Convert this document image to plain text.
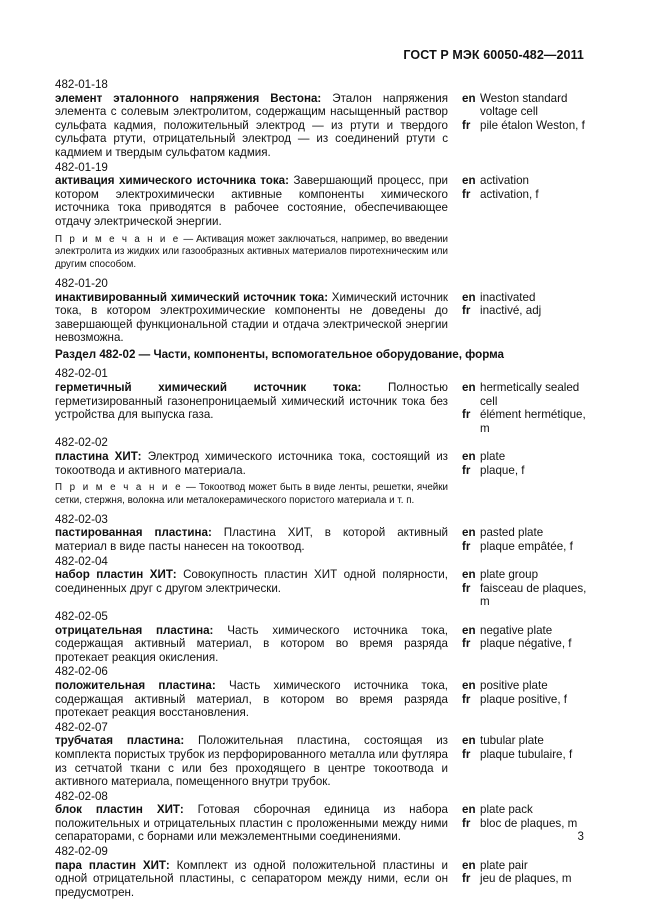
ГОСТ Р МЭК 60050-482—2011
482-01-18
элемент эталонного напряжения Вестона: Эталон напряжения элемента с солевым электролитом, содержащим насыщенный раствор сульфата кадмия, положительный электрод — из ртути и твердого сульфата ртути, отрицательный электрод — из соединений ртути с кадмием и твердым сульфатом кадмия.
en Weston standard voltage cell
fr pile étalon Weston, f
482-01-19
активация химического источника тока: Завершающий процесс, при котором электрохимически активные компоненты химического источника тока приводятся в рабочее состояние, обеспечивающее отдачу электрической энергии.
П р и м е ч а н и е — Активация может заключаться, например, во введении электролита из жидких или газообразных активных материалов пиротехническим или другим способом.
en activation
fr activation, f
482-01-20
инактивированный химический источник тока: Химический источник тока, в котором электрохимические компоненты не доведены до завершающей функциональной стадии и отдача электрической энергии невозможна.
en inactivated
fr inactivé, adj
Раздел 482-02 — Части, компоненты, вспомогательное оборудование, форма
482-02-01
герметичный химический источник тока: Полностью герметизированный газонепроницаемый химический источник тока без устройства для выпуска газа.
en hermetically sealed cell
fr élément hermétique, m
482-02-02
пластина ХИТ: Электрод химического источника тока, состоящий из токоотвода и активного материала.
П р и м е ч а н и е — Токоотвод может быть в виде ленты, решетки, ячейки сетки, стержня, волокна или металокерамического пористого материала и т. п.
en plate
fr plaque, f
482-02-03
пастированная пластина: Пластина ХИТ, в которой активный материал в виде пасты нанесен на токоотвод.
en pasted plate
fr plaque empâtée, f
482-02-04
набор пластин ХИТ: Совокупность пластин ХИТ одной полярности, соединенных друг с другом электрически.
en plate group
fr faisceau de plaques, m
482-02-05
отрицательная пластина: Часть химического источника тока, содержащая активный материал, в котором во время разряда протекает реакция окисления.
en negative plate
fr plaque négative, f
482-02-06
положительная пластина: Часть химического источника тока, содержащая активный материал, в котором во время разряда протекает реакция восстановления.
en positive plate
fr plaque positive, f
482-02-07
трубчатая пластина: Положительная пластина, состоящая из комплекта пористых трубок из перфорированного металла или футляра из сетчатой ткани с или без проходящего в центре токоотвода и активного материала, помещенного внутри трубок.
en tubular plate
fr plaque tubulaire, f
482-02-08
блок пластин ХИТ: Готовая сборочная единица из набора положительных и отрицательных пластин с проложенными между ними сепараторами, с борнами или межэлементными соединениями.
en plate pack
fr bloc de plaques, m
482-02-09
пара пластин ХИТ: Комплект из одной положительной пластины и одной отрицательной пластины, с сепаратором между ними, если он предусмотрен.
en plate pair
fr jeu de plaques, m
3
